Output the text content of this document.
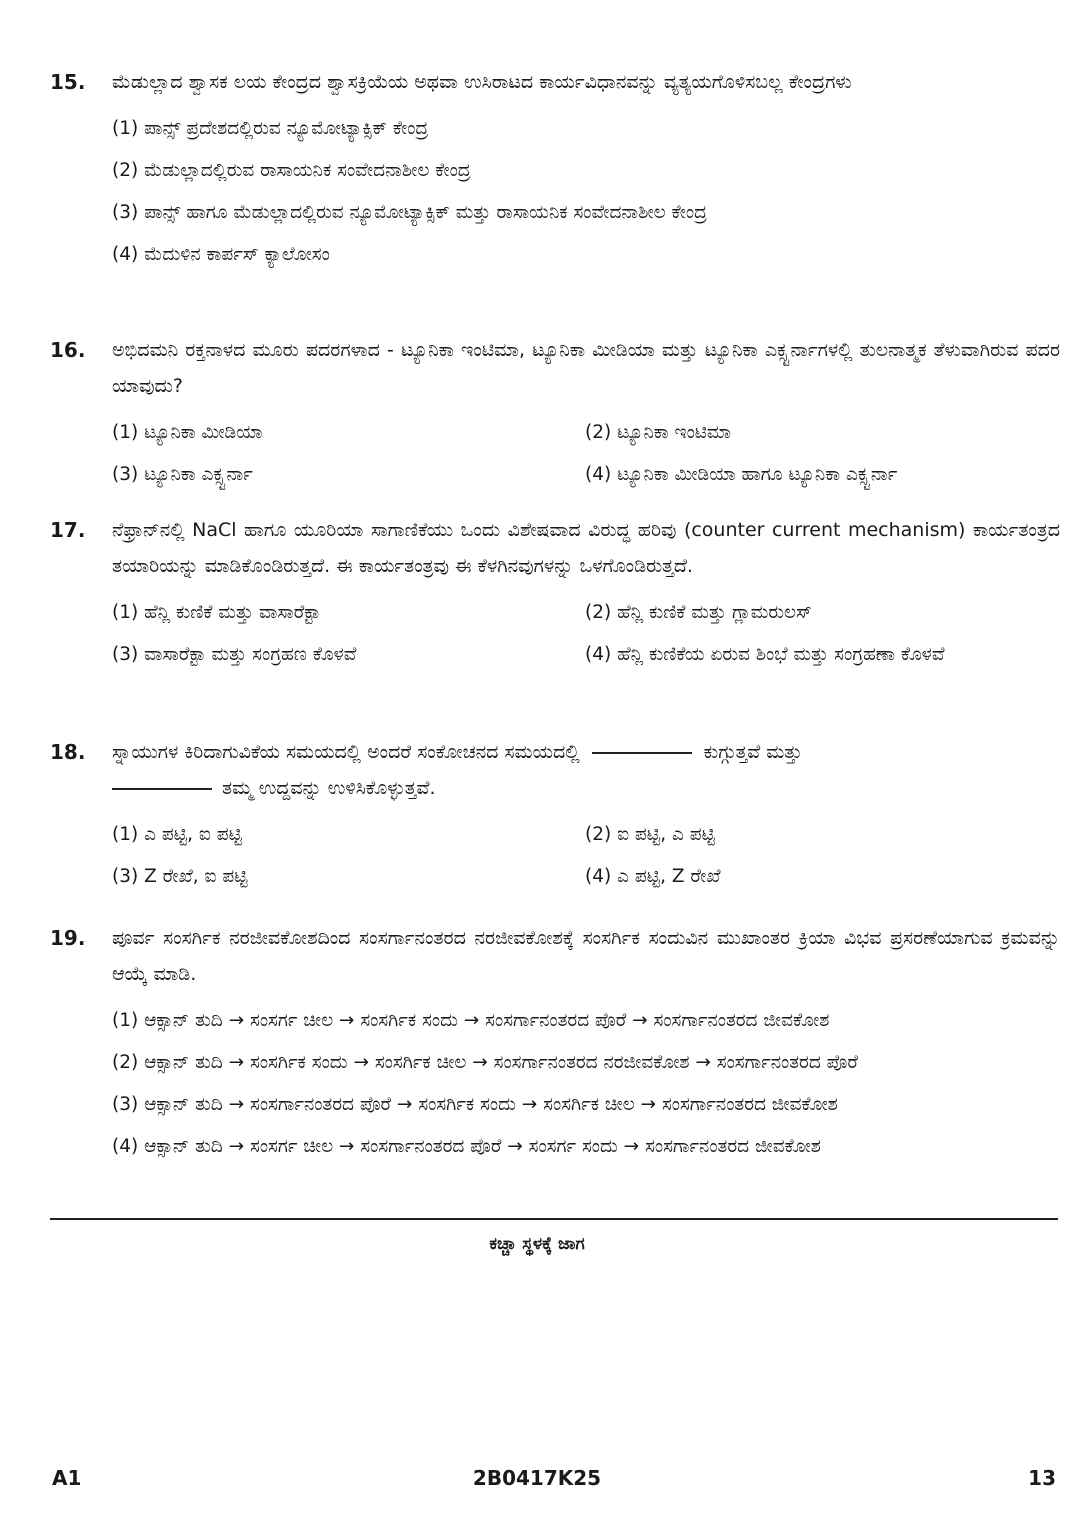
15. ಮೆಡುಲ್ಲಾದ ಶ್ವಾಸಕ ಲಯ ಕೇಂದ್ರದ ಶ್ವಾಸಕ್ರಿಯೆಯ ಅಥವಾ ಉಸಿರಾಟದ ಕಾರ್ಯವಿಧಾನವನ್ನು ವ್ಯತ್ಯಯಗೊಳಿಸಬಲ್ಲ ಕೇಂದ್ರಗಳು
(1) ಪಾನ್ಸ್ ಪ್ರದೇಶದಲ್ಲಿರುವ ನ್ಯೂಮೋಟ್ಯಾಕ್ಸಿಕ್ ಕೇಂದ್ರ
(2) ಮೆಡುಲ್ಲಾದಲ್ಲಿರುವ ರಾಸಾಯನಿಕ ಸಂವೇದನಾಶೀಲ ಕೇಂದ್ರ
(3) ಪಾನ್ಸ್ ಹಾಗೂ ಮೆಡುಲ್ಲಾದಲ್ಲಿರುವ ನ್ಯೂಮೋಟ್ಯಾಕ್ಸಿಕ್ ಮತ್ತು ರಾಸಾಯನಿಕ ಸಂವೇದನಾಶೀಲ ಕೇಂದ್ರ
(4) ಮೆದುಳಿನ ಕಾರ್ಪಸ್ ಕ್ಯಾಲೋಸಂ
16. ಅಭಿದಮನಿ ರಕ್ತನಾಳದ ಮೂರು ಪದರಗಳಾದ - ಟ್ಯೂನಿಕಾ ಇಂಟಿಮಾ, ಟ್ಯೂನಿಕಾ ಮೀಡಿಯಾ ಮತ್ತು ಟ್ಯೂನಿಕಾ ಎಕ್ಸ್ಟರ್ನಾಗಳಲ್ಲಿ ತುಲನಾತ್ಮಕ ತೆಳುವಾಗಿರುವ ಪದರ ಯಾವುದು?
(1) ಟ್ಯೂನಿಕಾ ಮೀಡಿಯಾ	(2) ಟ್ಯೂನಿಕಾ ಇಂಟಿಮಾ
(3) ಟ್ಯೂನಿಕಾ ಎಕ್ಸ್ಟರ್ನಾ	(4) ಟ್ಯೂನಿಕಾ ಮೀಡಿಯಾ ಹಾಗೂ ಟ್ಯೂನಿಕಾ ಎಕ್ಸ್ಟರ್ನಾ
17. ನೆಫ್ರಾನ್‌ನಲ್ಲಿ NaCl ಹಾಗೂ ಯೂರಿಯಾ ಸಾಗಾಣಿಕೆಯು ಒಂದು ವಿಶೇಷವಾದ ವಿರುದ್ಧ ಹರಿವು (counter current mechanism) ಕಾರ್ಯತಂತ್ರದ ತಯಾರಿಯನ್ನು ಮಾಡಿಕೊಂಡಿರುತ್ತದೆ. ಈ ಕಾರ್ಯತಂತ್ರವು ಈ ಕೆಳಗಿನವುಗಳನ್ನು ಒಳಗೊಂಡಿರುತ್ತದೆ.
(1) ಹೆನ್ಲಿ ಕುಣಿಕೆ ಮತ್ತು ವಾಸಾರೆಕ್ಟಾ	(2) ಹೆನ್ಲಿ ಕುಣಿಕೆ ಮತ್ತು ಗ್ಲಾಮರುಲಸ್
(3) ವಾಸಾರೆಕ್ಟಾ ಮತ್ತು ಸಂಗ್ರಹಣ ಕೊಳವೆ	(4) ಹೆನ್ಲಿ ಕುಣಿಕೆಯ ಏರುವ ಶಿಂಭೆ ಮತ್ತು ಸಂಗ್ರಹಣಾ ಕೊಳವೆ
18. ಸ್ನಾಯುಗಳ ಕಿರಿದಾಗುವಿಕೆಯ ಸಮಯದಲ್ಲಿ ಅಂದರೆ ಸಂಕೋಚನದ ಸಮಯದಲ್ಲಿ	ಕುಗ್ಗುತ್ತವೆ ಮತ್ತು
ತಮ್ಮ ಉದ್ದವನ್ನು ಉಳಿಸಿಕೊಳ್ಳುತ್ತವೆ.
(1) ಎ ಪಟ್ಟಿ, ಐ ಪಟ್ಟಿ	(2) ಐ ಪಟ್ಟಿ, ಎ ಪಟ್ಟಿ
(3) Z ರೇಖೆ, ಐ ಪಟ್ಟಿ	(4) ಎ ಪಟ್ಟಿ, Z ರೇಖೆ
19. ಪೂರ್ವ ಸಂಸರ್ಗಿಕ ನರಜೀವಕೋಶದಿಂದ ಸಂಸರ್ಗಾನಂತರದ ನರಜೀವಕೋಶಕ್ಕೆ ಸಂಸರ್ಗಿಕ ಸಂದುವಿನ ಮುಖಾಂತರ ಕ್ರಿಯಾ ವಿಭವ ಪ್ರಸರಣೆಯಾಗುವ ಕ್ರಮವನ್ನು ಆಯ್ಕೆ ಮಾಡಿ.
(1) ಆಕ್ಸಾನ್ ತುದಿ → ಸಂಸರ್ಗ ಚೀಲ → ಸಂಸರ್ಗಿಕ ಸಂದು → ಸಂಸರ್ಗಾನಂತರದ ಪೊರೆ → ಸಂಸರ್ಗಾನಂತರದ ಜೀವಕೋಶ
(2) ಆಕ್ಸಾನ್ ತುದಿ → ಸಂಸರ್ಗಿಕ ಸಂದು → ಸಂಸರ್ಗಿಕ ಚೀಲ → ಸಂಸರ್ಗಾನಂತರದ ನರಜೀವಕೋಶ → ಸಂಸರ್ಗಾನಂತರದ ಪೊರೆ
(3) ಆಕ್ಸಾನ್ ತುದಿ → ಸಂಸರ್ಗಾನಂತರದ ಪೊರೆ → ಸಂಸರ್ಗಿಕ ಸಂದು → ಸಂಸರ್ಗಿಕ ಚೀಲ → ಸಂಸರ್ಗಾನಂತರದ ಜೀವಕೋಶ
(4) ಆಕ್ಸಾನ್ ತುದಿ → ಸಂಸರ್ಗ ಚೀಲ → ಸಂಸರ್ಗಾನಂತರದ ಪೊರೆ → ಸಂಸರ್ಗ ಸಂದು → ಸಂಸರ್ಗಾನಂತರದ ಜೀವಕೋಶ
ಕಚ್ಚಾ ಸ್ಥಳಕ್ಕೆ ಜಾಗ
A1	2B0417K25	13
